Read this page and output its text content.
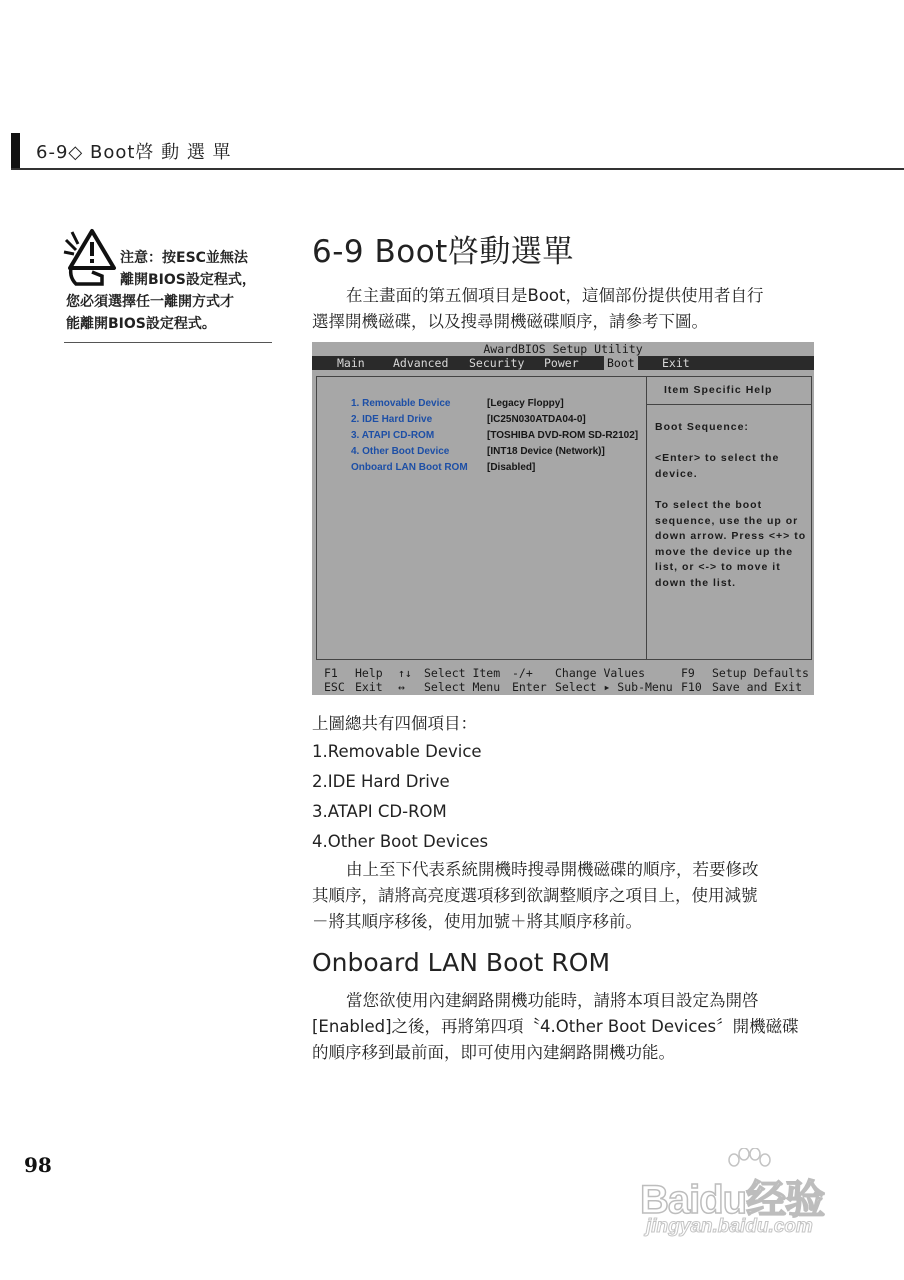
6-9◇ Boot啓 動 選 單
注意：按ESC並無法
離開BIOS設定程式，
您必須選擇任一離開方式才
能離開BIOS設定程式。
6-9 Boot啓動選單
在主畫面的第五個項目是Boot，這個部份提供使用者自行
選擇開機磁碟，以及搜尋開機磁碟順序，請參考下圖。
AwardBIOS Setup Utility
Main Advanced Security Power Boot Exit
1. Removable Device	[Legacy Floppy]
2. IDE Hard Drive	[IC25N030ATDA04-0]
3. ATAPI CD-ROM	[TOSHIBA DVD-ROM SD-R2102]
4. Other Boot Device	[INT18 Device (Network)]
Onboard LAN Boot ROM	[Disabled]
Item Specific Help

Boot Sequence:

<Enter> to select the device.

To select the boot sequence, use the up or down arrow. Press <+> to move the device up the list, or <-> to move it down the list.

F1 Help ↑↓ Select Item -/+ Change Values	F9 Setup Defaults
ESC Exit ↔ Select Menu Enter Select ▸ Sub-Menu F10 Save and Exit
上圖總共有四個項目：
1.Removable Device
2.IDE Hard Drive
3.ATAPI CD-ROM
4.Other Boot Devices
由上至下代表系統開機時搜尋開機磁碟的順序，若要修改
其順序，請將高亮度選項移到欲調整順序之項目上，使用減號
－將其順序移後，使用加號＋將其順序移前。
Onboard LAN Boot ROM
當您欲使用內建網路開機功能時，請將本項目設定為開啓
[Enabled]之後，再將第四項〝4.Other Boot Devices〞開機磁碟
的順序移到最前面，即可使用內建網路開機功能。
98
Baidu经验
jingyan.baidu.com
